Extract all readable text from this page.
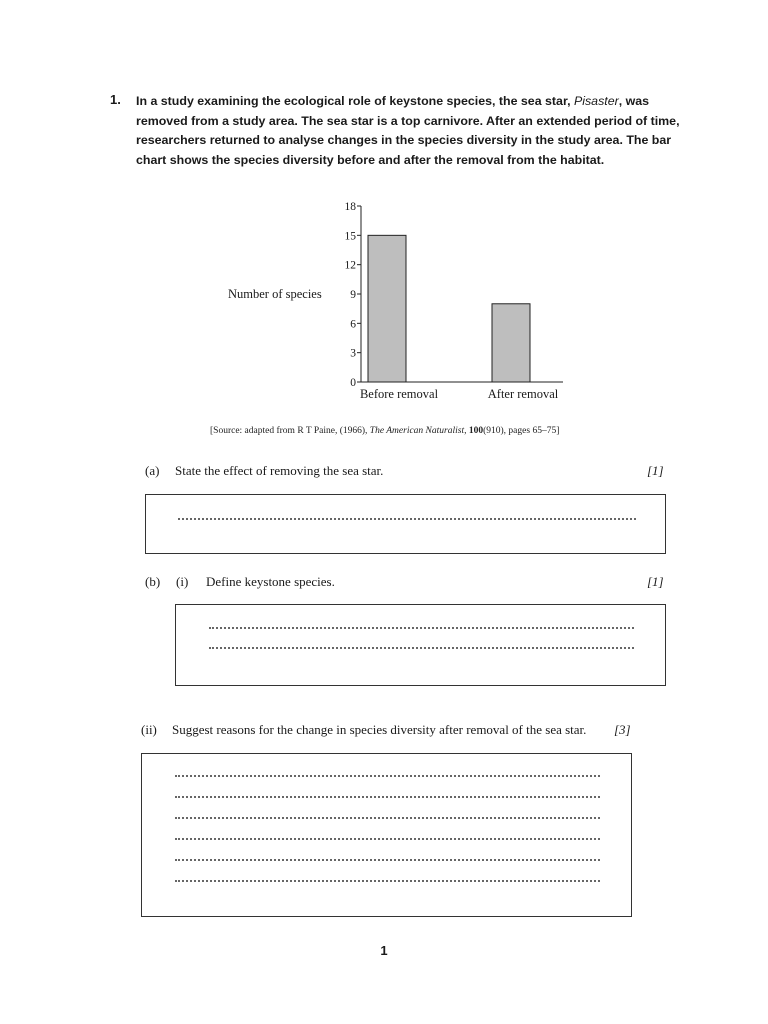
1. In a study examining the ecological role of keystone species, the sea star, Pisaster, was removed from a study area. The sea star is a top carnivore. After an extended period of time, researchers returned to analyse changes in the species diversity in the study area. The bar chart shows the species diversity before and after the removal from the habitat.
Number of species
0
3
6
9
12
15
18
Before removal	After removal
[Source: adapted from R T Paine, (1966), The American Naturalist, 100(910), pages 65–75]
(a) State the effect of removing the sea star.	[1]
(b) (i) Define keystone species.	[1]
(ii) Suggest reasons for the change in species diversity after removal of the sea star. [3]
1
